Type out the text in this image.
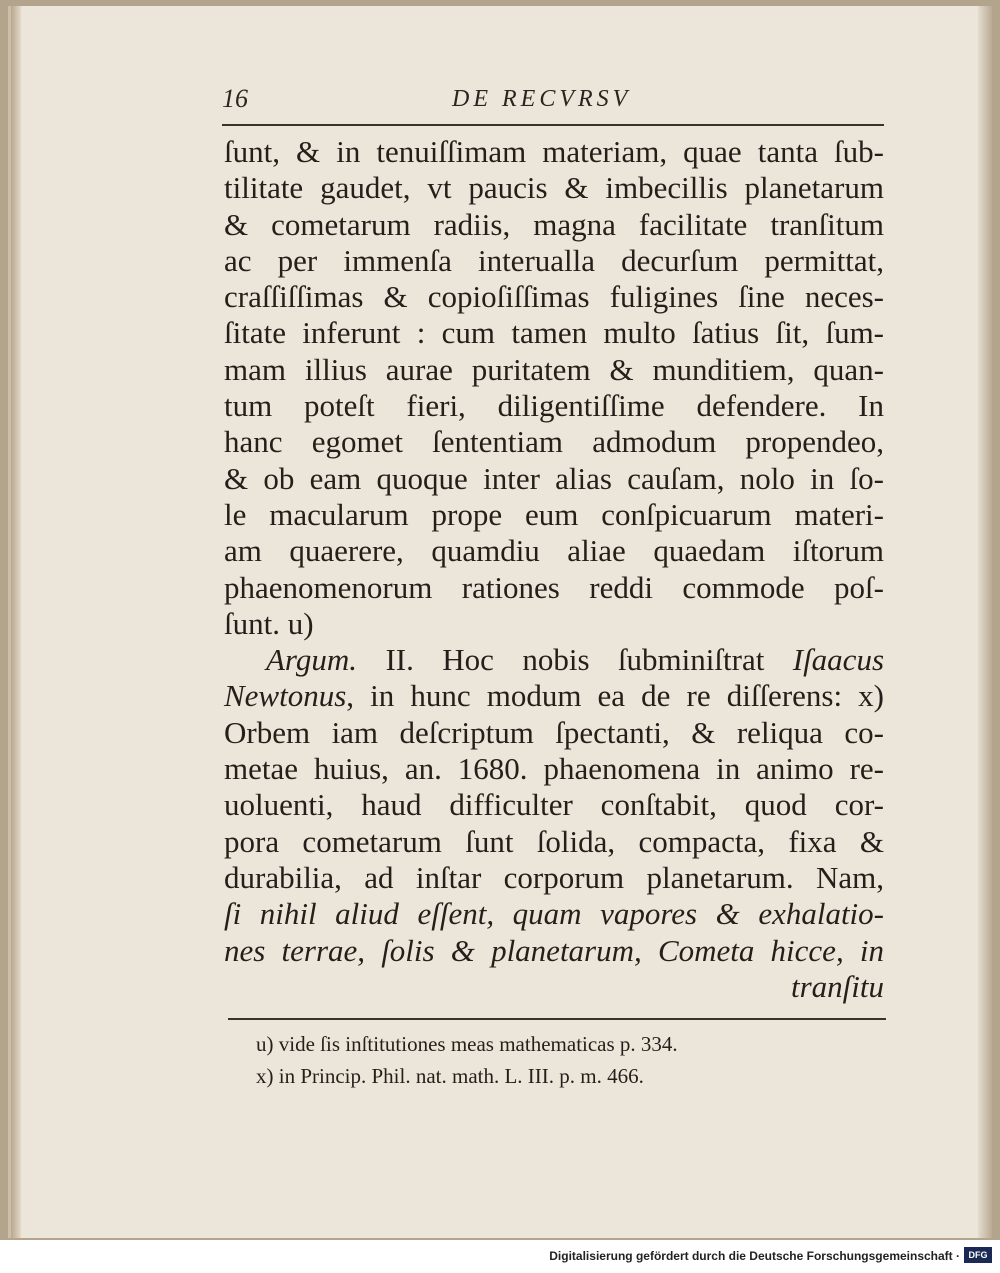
16	DE RECVRSV
ſunt, & in tenuiſſimam materiam, quae tanta ſub-
tilitate gaudet, vt paucis & imbecillis planetarum
& cometarum radiis, magna facilitate tranſitum
ac per immenſa interualla decurſum permittat,
craſſiſſimas & copioſiſſimas fuligines ſine neces-
ſitate inferunt : cum tamen multo ſatius ſit, ſum-
mam illius aurae puritatem & munditiem, quan-
tum poteſt fieri, diligentiſſime defendere. In
hanc egomet ſententiam admodum propendeo,
& ob eam quoque inter alias cauſam, nolo in ſo-
le macularum prope eum conſpicuarum materi-
am quaerere, quamdiu aliae quaedam iſtorum
phaenomenorum rationes reddi commode poſ-
ſunt. u)
Argum. II. Hoc nobis ſubminiſtrat Iſaacus
Newtonus, in hunc modum ea de re diſſerens: x)
Orbem iam deſcriptum ſpectanti, & reliqua co-
metae huius, an. 1680. phaenomena in animo re-
uoluenti, haud difficulter conſtabit, quod cor-
pora cometarum ſunt ſolida, compacta, fixa &
durabilia, ad inſtar corporum planetarum. Nam,
ſi nihil aliud eſſent, quam vapores & exhalatio-
nes terrae, ſolis & planetarum, Cometa hicce, in
tranſitu
u) vide ſis inſtitutiones meas mathematicas p. 334.
x) in Princip. Phil. nat. math. L. III. p. m. 466.
Digitalisierung gefördert durch die Deutsche Forschungsgemeinschaft · DFG
